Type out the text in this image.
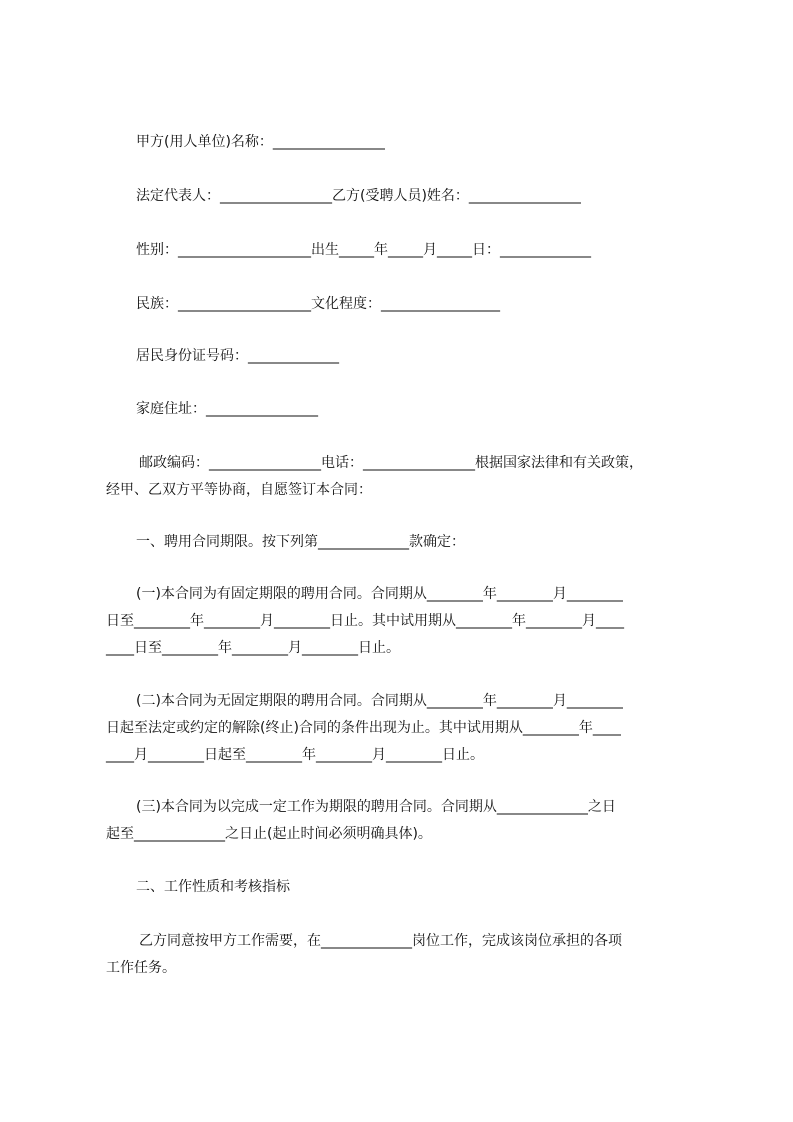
甲方(用人单位)名称：________________
法定代表人：________________乙方(受聘人员)姓名：________________
性别：___________________出生_____年_____月_____日：_____________
民族：___________________文化程度：_________________
居民身份证号码：_____________
家庭住址：________________
邮政编码：________________电话：________________根据国家法律和有关政策，
经甲、乙双方平等协商，自愿签订本合同：
一、聘用合同期限。按下列第_____________款确定：
(一)本合同为有固定期限的聘用合同。合同期从________年________月________
日至________年________月________日止。其中试用期从________年________月____
____日至________年________月________日止。
(二)本合同为无固定期限的聘用合同。合同期从________年________月________
日起至法定或约定的解除(终止)合同的条件出现为止。其中试用期从________年____
____月________日起至________年________月________日止。
(三)本合同为以完成一定工作为期限的聘用合同。合同期从_____________之日
起至_____________之日止(起止时间必须明确具体)。
二、工作性质和考核指标
乙方同意按甲方工作需要，在_____________岗位工作，完成该岗位承担的各项
工作任务。
